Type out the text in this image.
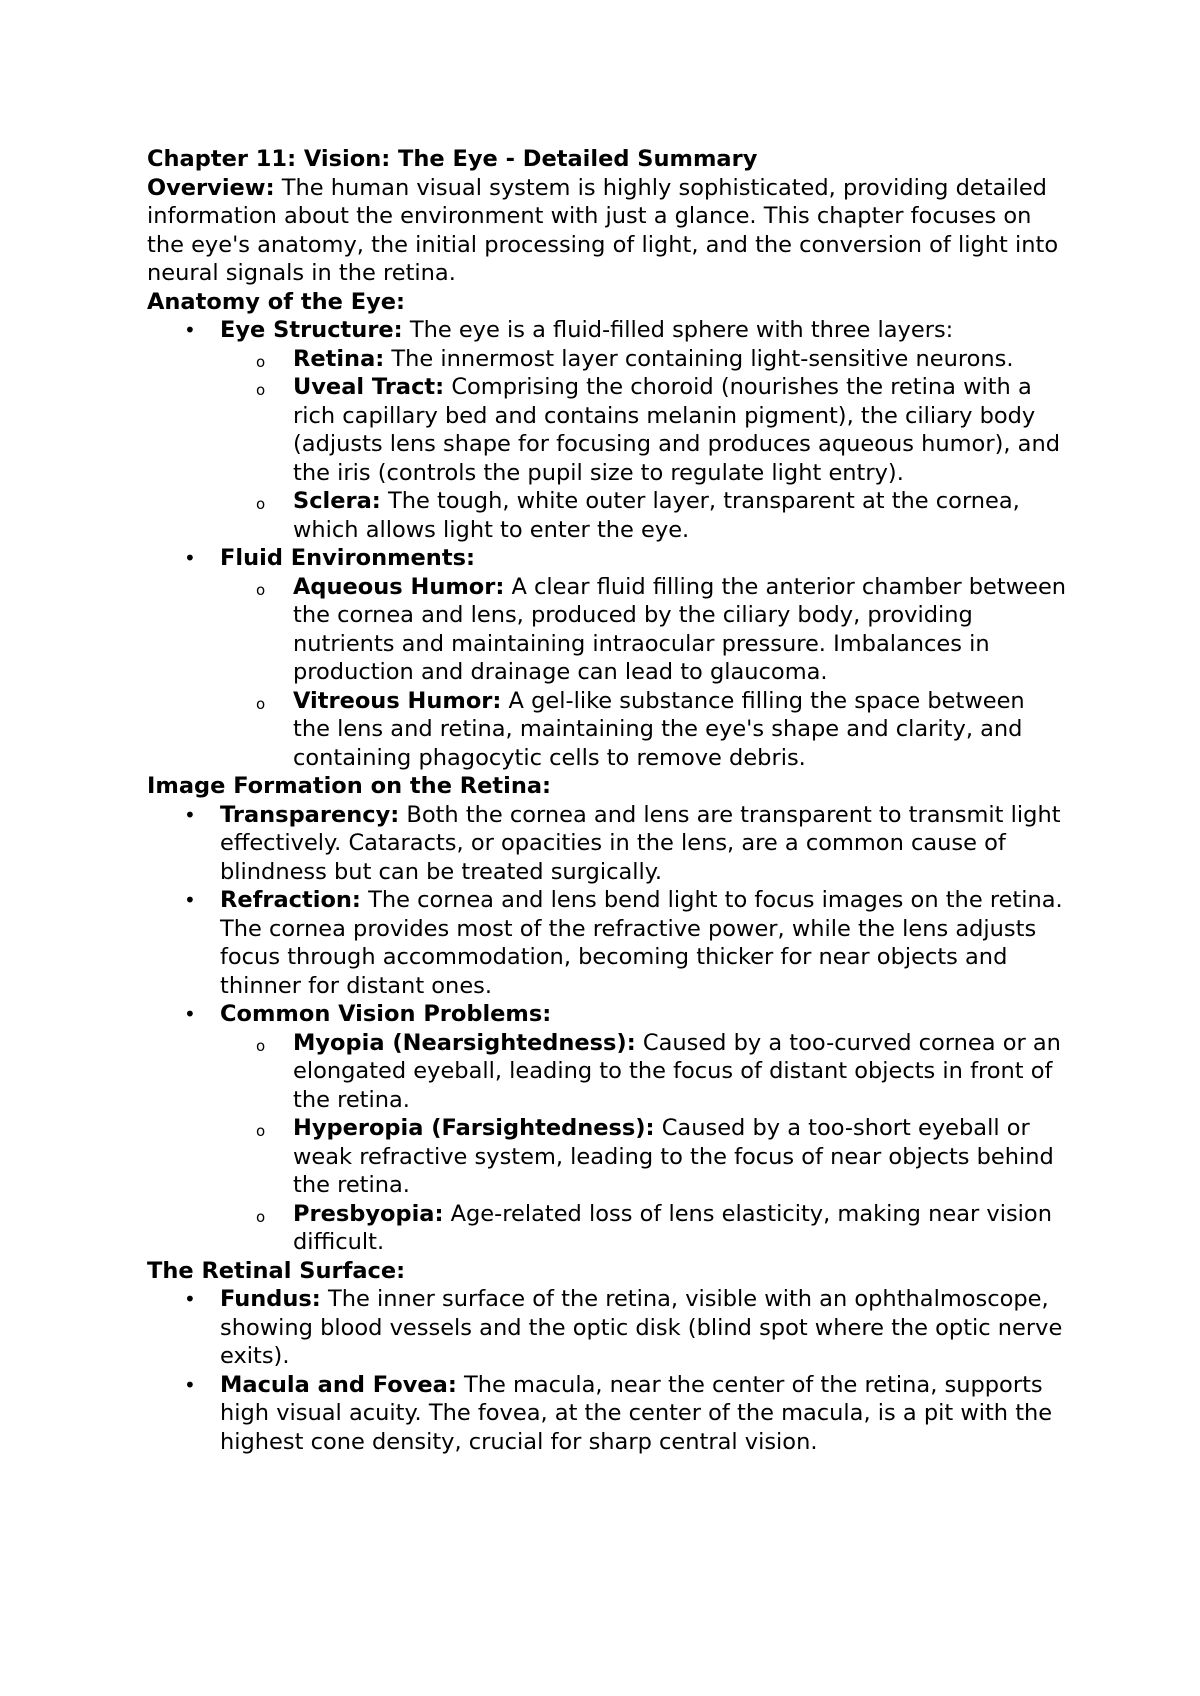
Chapter 11: Vision: The Eye - Detailed Summary

Overview: The human visual system is highly sophisticated, providing detailed information about the environment with just a glance. This chapter focuses on the eye's anatomy, the initial processing of light, and the conversion of light into neural signals in the retina.

Anatomy of the Eye:

• Eye Structure: The eye is a fluid-filled sphere with three layers:
o Retina: The innermost layer containing light-sensitive neurons.
o Uveal Tract: Comprising the choroid (nourishes the retina with a rich capillary bed and contains melanin pigment), the ciliary body (adjusts lens shape for focusing and produces aqueous humor), and the iris (controls the pupil size to regulate light entry).
o Sclera: The tough, white outer layer, transparent at the cornea, which allows light to enter the eye.
• Fluid Environments:
o Aqueous Humor: A clear fluid filling the anterior chamber between the cornea and lens, produced by the ciliary body, providing nutrients and maintaining intraocular pressure. Imbalances in production and drainage can lead to glaucoma.
o Vitreous Humor: A gel-like substance filling the space between the lens and retina, maintaining the eye's shape and clarity, and containing phagocytic cells to remove debris.

Image Formation on the Retina:

• Transparency: Both the cornea and lens are transparent to transmit light effectively. Cataracts, or opacities in the lens, are a common cause of blindness but can be treated surgically.
• Refraction: The cornea and lens bend light to focus images on the retina. The cornea provides most of the refractive power, while the lens adjusts focus through accommodation, becoming thicker for near objects and thinner for distant ones.
• Common Vision Problems:
o Myopia (Nearsightedness): Caused by a too-curved cornea or an elongated eyeball, leading to the focus of distant objects in front of the retina.
o Hyperopia (Farsightedness): Caused by a too-short eyeball or weak refractive system, leading to the focus of near objects behind the retina.
o Presbyopia: Age-related loss of lens elasticity, making near vision difficult.

The Retinal Surface:

• Fundus: The inner surface of the retina, visible with an ophthalmoscope, showing blood vessels and the optic disk (blind spot where the optic nerve exits).
• Macula and Fovea: The macula, near the center of the retina, supports high visual acuity. The fovea, at the center of the macula, is a pit with the highest cone density, crucial for sharp central vision.
